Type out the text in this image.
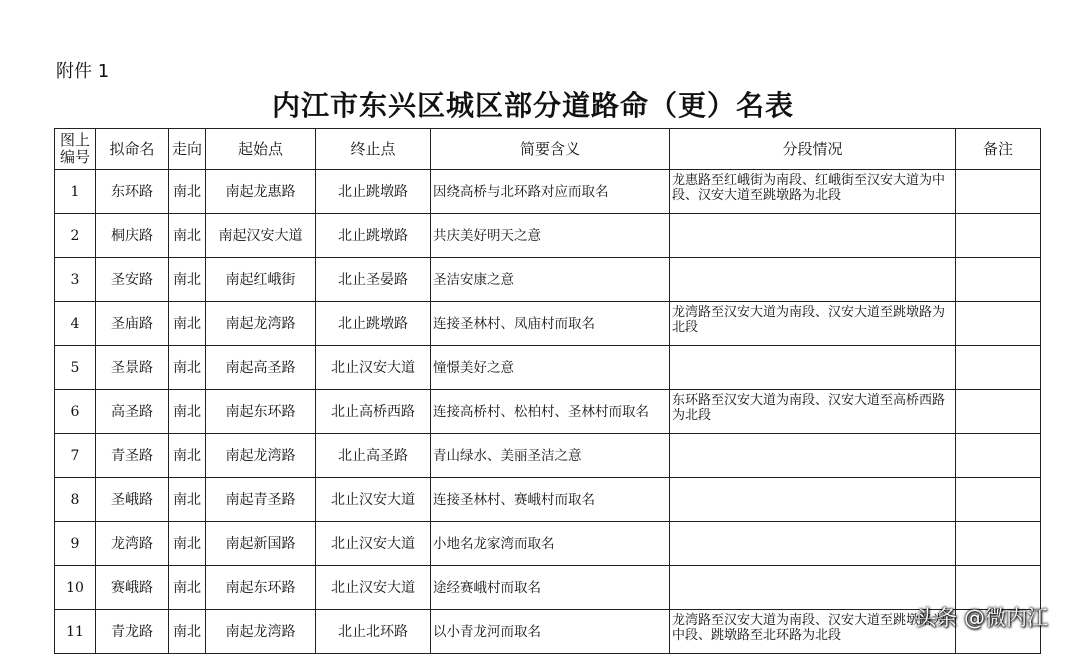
附件 1
内江市东兴区城区部分道路命（更）名表
图上编号	拟命名	走向	起始点	终止点	简要含义	分段情况	备注
1	东环路	南北	南起龙惠路	北止跳墩路	因绕高桥与北环路对应而取名	龙惠路至红峨街为南段、红峨街至汉安大道为中段、汉安大道至跳墩路为北段	
2	桐庆路	南北	南起汉安大道	北止跳墩路	共庆美好明天之意		
3	圣安路	南北	南起红峨街	北止圣晏路	圣洁安康之意		
4	圣庙路	南北	南起龙湾路	北止跳墩路	连接圣林村、凤庙村而取名	龙湾路至汉安大道为南段、汉安大道至跳墩路为北段	
5	圣景路	南北	南起高圣路	北止汉安大道	憧憬美好之意		
6	高圣路	南北	南起东环路	北止高桥西路	连接高桥村、松柏村、圣林村而取名	东环路至汉安大道为南段、汉安大道至高桥西路为北段	
7	青圣路	南北	南起龙湾路	北止高圣路	青山绿水、美丽圣洁之意		
8	圣峨路	南北	南起青圣路	北止汉安大道	连接圣林村、赛峨村而取名		
9	龙湾路	南北	南起新国路	北止汉安大道	小地名龙家湾而取名		
10	赛峨路	南北	南起东环路	北止汉安大道	途经赛峨村而取名		
11	青龙路	南北	南起龙湾路	北止北环路	以小青龙河而取名	龙湾路至汉安大道为南段、汉安大道至跳墩路为中段、跳墩路至北环路为北段	
头条 @微内江
